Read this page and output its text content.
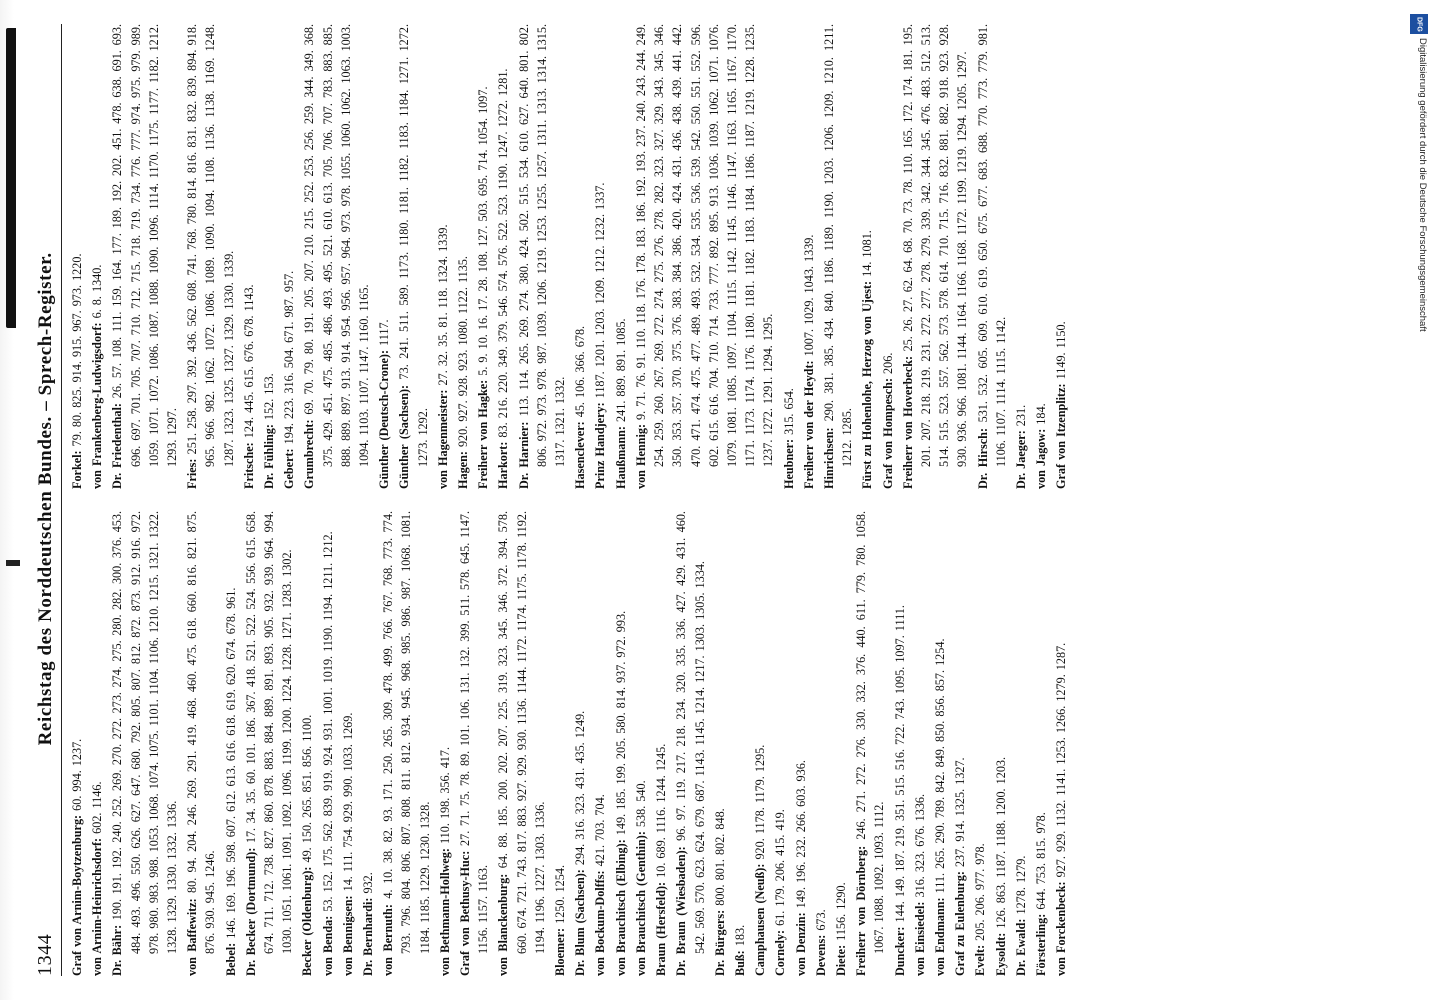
1344
Reichstag des Norddeutschen Bundes. – Sprech-Register.

Graf von Arnim-Boytzenburg: 60. 994. 1237.

von Arnim-Heinrichsdorf: 602. 1146.

Dr. Bähr: 190. 191. 192. 240. 252. 269. 270. 272. 273. 274. 275. 280. 282. 300. 376. 453. 484. 493. 496. 550. 626. 627. 647. 680. 792. 805. 807. 812. 872. 873. 912. 916. 972. 978. 980. 983. 988. 1053. 1068. 1074. 1075. 1101. 1104. 1106. 1210. 1215. 1321. 1322. 1328. 1329. 1330. 1332. 1336. von Baffewitz: 80. 94. 204. 246. 269. 291. 419. 468. 460. 475. 618. 660. 816. 821. 875. 876. 930. 945. 1246.

Bebel: 146. 169. 196. 598. 607. 612. 613. 616. 618. 619. 620. 674. 678. 961. Dr. Becker (Dortmund): 17. 34. 35. 60. 101. 186. 367. 418. 521. 522. 524. 556. 615. 658. 674. 711. 712. 738. 827. 860. 878. 883. 884. 889. 891. 893. 905. 932. 939. 964. 994. 1030. 1051. 1061. 1091. 1092. 1096. 1199. 1200. 1224. 1228. 1271. 1283. 1302. Becker (Oldenburg): 49. 150. 265. 851. 856. 1100.

von Benda: 53. 152. 175. 562. 839. 919. 924. 931. 1001. 1019. 1190. 1194. 1211. 1212.

von Bennigsen: 14. 111. 754. 929. 990. 1033. 1269.

Dr. Bernhardi: 932.

von Bernuth: 4. 10. 38. 82. 93. 171. 250. 265. 309. 478. 499. 766. 767. 768. 773. 774. 793. 796. 804. 806. 807. 808. 811. 812. 934. 945. 968. 985. 986. 987. 1068. 1081. 1184. 1185. 1229. 1230. 1328. von Bethmann-Hollweg: 110. 198. 356. 417.

Graf von Bethusy-Huc: 27. 71. 75. 78. 89. 101. 106. 131. 132. 399. 511. 578. 645. 1147. 1156. 1157. 1163. von Blanckenburg: 64. 88. 185. 200. 202. 207. 225. 319. 323. 345. 346. 372. 394. 578. 660. 674. 721. 743. 817. 883. 927. 929. 930. 1136. 1144. 1172. 1174. 1175. 1178. 1192. 1194. 1196. 1227. 1303. 1336. Bloemer: 1250. 1254. Dr. Blum (Sachsen): 294. 316. 323. 431. 435. 1249.

von Bockum-Dolffs: 421. 703. 704.

von Brauchitsch (Elbing): 149. 185. 199. 205. 580. 814. 937. 972. 993.

von Brauchitsch (Genthin): 538. 540.

Braun (Hersfeld): 10. 689. 1116. 1244. 1245.

Dr. Braun (Wiesbaden): 96. 97. 119. 217. 218. 234. 320. 335. 336. 427. 429. 431. 460. 542. 569. 570. 623. 624. 679. 687. 1143. 1145. 1214. 1217. 1303. 1305. 1334. Dr. Bürgers: 800. 801. 802. 848.

Buß: 183. Camphausen (Neuß): 920. 1178. 1179. 1295.

Cornely: 61. 179. 206. 415. 419.

von Denzin: 149. 196. 232. 266. 603. 936.

Devens: 673.

Diete: 1156. 1290. Freiherr von Dörnberg: 246. 271. 272. 276. 330. 332. 376. 440. 611. 779. 780. 1058. 1067. 1088. 1092. 1093. 1112. Duncker: 144. 149. 187. 219. 351. 515. 516. 722. 743. 1095. 1097. 1111.

von Einsiedel: 316. 323. 676. 1336.

von Endmann: 111. 265. 290. 789. 842. 849. 850. 856. 857. 1254.

Graf zu Eulenburg: 237. 914. 1325. 1327.

Evelt: 205. 206. 977. 978.

Eysoldt: 126. 863. 1187. 1188. 1200. 1203.

Dr. Ewald: 1278. 1279.

Försterling: 644. 753. 815. 978.

von Forckenbeck: 927. 929. 1132. 1141. 1253. 1266. 1279. 1287.

Forkel: 79. 80. 825. 914. 915. 967. 973. 1220. von Frankenberg-Ludwigsdorf: 6. 8. 1340.

Dr. Friedenthal: 26. 57. 108. 111. 159. 164. 177. 189. 192. 202. 451. 478. 638. 691. 693. 696. 697. 701. 705. 707. 710. 712. 715. 718. 719. 734. 776. 777. 974. 975. 979. 989. 1059. 1071. 1072. 1086. 1087. 1088. 1090. 1096. 1114. 1170. 1175. 1177. 1182. 1212. 1293. 1297.

Fries: 251. 258. 297. 392. 436. 562. 608. 741. 768. 780. 814. 816. 831. 832. 839. 894. 918. 965. 966. 982. 1062. 1072. 1086. 1089. 1090. 1094. 1108. 1136. 1138. 1169. 1248. 1287. 1323. 1325. 1327. 1329. 1330. 1339. Fritsche: 124. 445. 615. 676. 678. 1143.

Dr. Fühling: 152. 153.

Gebert: 194. 223. 316. 504. 671. 987. 957.

Grumbrecht: 69. 70. 79. 80. 191. 205. 207. 210. 215. 252. 253. 256. 259. 344. 349. 368. 375. 429. 451. 475. 485. 486. 493. 495. 521. 610. 613. 705. 706. 707. 783. 883. 885. 888. 889. 897. 913. 914. 954. 956. 957. 964. 973. 978. 1055. 1060. 1062. 1063. 1003. 1094. 1103. 1107. 1147. 1160. 1165. Günther (Deutsch-Crone): 1117.

Günther (Sachsen): 73. 241. 511. 589. 1173. 1180. 1181. 1182. 1183. 1184. 1271. 1272. 1273. 1292. von Hagenmeister: 27. 32. 35. 81. 118. 1324. 1339.

Hagen: 920. 927. 928. 923. 1080. 1122. 1135. Freiherr von Hagke: 5. 9. 10. 16. 17. 28. 108. 127. 503. 695. 714. 1054. 1097.

Harkort: 83. 216. 220. 349. 379. 546. 574. 576. 522. 523. 1190. 1247. 1272. 1281.

Dr. Harnier: 113. 114. 265. 269. 274. 380. 424. 502. 515. 534. 610. 627. 640. 801. 802. 806. 972. 973. 978. 987. 1039. 1206. 1219. 1253. 1255. 1257. 1311. 1313. 1314. 1315. 1317. 1321. 1332. Hasenclever: 45. 106. 366. 678.

Prinz Handjery: 1187. 1201. 1203. 1209. 1212. 1232. 1337.

Haußmann: 241. 889. 891. 1085.

von Hennig: 9. 71. 76. 91. 110. 118. 176. 178. 183. 186. 192. 193. 237. 240. 243. 244. 249. 254. 259. 260. 267. 269. 272. 274. 275. 276. 278. 282. 323. 327. 329. 343. 345. 346. 350. 353. 357. 370. 375. 376. 383. 384. 386. 420. 424. 431. 436. 438. 439. 441. 442. 470. 471. 474. 475. 477. 489. 493. 532. 534. 535. 536. 539. 542. 550. 551. 552. 596. 602. 615. 616. 704. 710. 714. 733. 777. 892. 895. 913. 1036. 1039. 1062. 1071. 1076. 1079. 1081. 1085. 1097. 1104. 1115. 1142. 1145. 1146. 1147. 1163. 1165. 1167. 1170. 1171. 1173. 1174. 1176. 1180. 1181. 1182. 1183. 1184. 1186. 1187. 1219. 1228. 1235. 1237. 1272. 1291. 1294. 1295. Heubner: 315. 654. Freiherr von der Heydt: 1007. 1029. 1043. 1339.

Hinrichsen: 290. 381. 385. 434. 840. 1186. 1189. 1190. 1203. 1206. 1209. 1210. 1211. 1212. 1285. Fürst zu Hohenlohe, Herzog von Ujest: 14. 1081.

Graf von Hompesch: 206. Freiherr von Hoverbeck: 25. 26. 27. 62. 64. 68. 70. 73. 78. 110. 165. 172. 174. 181. 195. 201. 207. 218. 219. 231. 272. 277. 278. 279. 339. 342. 344. 345. 476. 483. 512. 513. 514. 515. 523. 557. 562. 573. 578. 614. 710. 715. 716. 832. 881. 882. 918. 923. 928. 930. 936. 966. 1081. 1144. 1164. 1166. 1168. 1172. 1199. 1219. 1294. 1205. 1297. Dr. Hirsch: 531. 532. 605. 609. 610. 619. 650. 675. 677. 683. 688. 770. 773. 779. 981. 1106. 1107. 1114. 1115. 1142. Dr. Jaeger: 231.

von Jagow: 184. Graf von Itzenplitz: 1149. 1150.

DFG
Digitalisierung gefördert durch die Deutsche Forschungsgemeinschaft
